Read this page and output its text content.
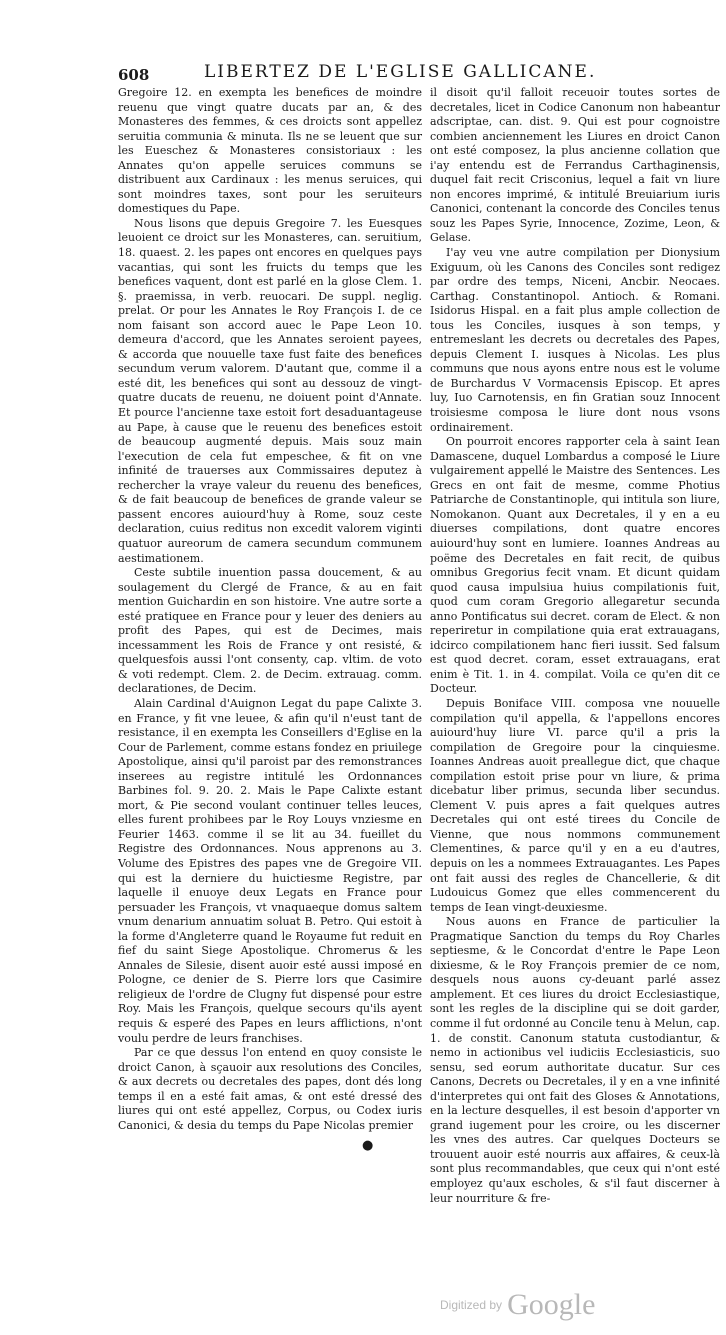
608	LIBERTEZ DE L'EGLISE GALLICANE.

Gregoire 12. en exempta les benefices de moindre reuenu que vingt quatre ducats par an, & des Monasteres des femmes, & ces droicts sont appellez seruitia communia & minuta. Ils ne se leuent que sur les Eueschez & Monasteres consistoriaux : les Annates qu'on appelle seruices communs se distribuent aux Cardinaux : les menus seruices, qui sont moindres taxes, sont pour les seruiteurs domestiques du Pape.

Nous lisons que depuis Gregoire 7. les Euesques leuoient ce droict sur les Monasteres, can. seruitium, 18. quaest. 2. les papes ont encores en quelques pays vacantias, qui sont les fruicts du temps que les benefices vaquent, dont est parlé en la glose Clem. 1. §. praemissa, in verb. reuocari. De suppl. neglig. prelat. Or pour les Annates le Roy François I. de ce nom faisant son accord auec le Pape Leon 10. demeura d'accord, que les Annates seroient payees, & accorda que nouuelle taxe fust faite des benefices secundum verum valorem. D'autant que, comme il a esté dit, les benefices qui sont au dessouz de vingt-quatre ducats de reuenu, ne doiuent point d'Annate. Et pource l'ancienne taxe estoit fort desaduantageuse au Pape, à cause que le reuenu des benefices estoit de beaucoup augmenté depuis. Mais souz main l'execution de cela fut empeschee, & fit on vne infinité de trauerses aux Commissaires deputez à rechercher la vraye valeur du reuenu des benefices, & de fait beaucoup de benefices de grande valeur se passent encores auiourd'huy à Rome, souz ceste declaration, cuius reditus non excedit valorem viginti quatuor aureorum de camera secundum communem aestimationem.

Ceste subtile inuention passa doucement, & au soulagement du Clergé de France, & au en fait mention Guichardin en son histoire. Vne autre sorte a esté pratiquee en France pour y leuer des deniers au profit des Papes, qui est de Decimes, mais incessamment les Rois de France y ont resisté, & quelquesfois aussi l'ont consenty, cap. vltim. de voto & voti redempt. Clem. 2. de Decim. extrauag. comm. declarationes, de Decim.

Alain Cardinal d'Auignon Legat du pape Calixte 3. en France, y fit vne leuee, & afin qu'il n'eust tant de resistance, il en exempta les Conseillers d'Eglise en la Cour de Parlement, comme estans fondez en priuilege Apostolique, ainsi qu'il paroist par des remonstrances inserees au registre intitulé les Ordonnances Barbines fol. 9. 20. 2. Mais le Pape Calixte estant mort, & Pie second voulant continuer telles leuces, elles furent prohibees par le Roy Louys vnziesme en Feurier 1463. comme il se lit au 34. fueillet du Registre des Ordonnances. Nous apprenons au 3. Volume des Epistres des papes vne de Gregoire VII. qui est la derniere du huictiesme Registre, par laquelle il enuoye deux Legats en France pour persuader les François, vt vnaquaeque domus saltem vnum denarium annuatim soluat B. Petro. Qui estoit à la forme d'Angleterre quand le Royaume fut reduit en fief du saint Siege Apostolique. Chromerus & les Annales de Silesie, disent auoir esté aussi imposé en Pologne, ce denier de S. Pierre lors que Casimire religieux de l'ordre de Clugny fut dispensé pour estre Roy. Mais les François, quelque secours qu'ils ayent requis & esperé des Papes en leurs afflictions, n'ont voulu perdre de leurs franchises.

Par ce que dessus l'on entend en quoy consiste le droict Canon, à sçauoir aux resolutions des Conciles, & aux decrets ou decretales des papes, dont dés long temps il en a esté fait amas, & ont esté dressé des liures qui ont esté appellez, Corpus, ou Codex iuris Canonici, & desia du temps du Pape Nicolas premier

il disoit qu'il falloit receuoir toutes sortes de decretales, licet in Codice Canonum non habeantur adscriptae, can. dist. 9. Qui est pour cognoistre combien anciennement les Liures en droict Canon ont esté composez, la plus ancienne collation que i'ay entendu est de Ferrandus Carthaginensis, duquel fait recit Crisconius, lequel a fait vn liure non encores imprimé, & intitulé Breuiarium iuris Canonici, contenant la concorde des Conciles tenus souz les Papes Syrie, Innocence, Zozime, Leon, & Gelase.

I'ay veu vne autre compilation per Dionysium Exiguum, où les Canons des Conciles sont redigez par ordre des temps, Niceni, Ancbir. Neocaes. Carthag. Constantinopol. Antioch. & Romani. Isidorus Hispal. en a fait plus ample collection de tous les Conciles, iusques à son temps, y entremeslant les decrets ou decretales des Papes, depuis Clement I. iusques à Nicolas. Les plus communs que nous ayons entre nous est le volume de Burchardus V Vormacensis Episcop. Et apres luy, Iuo Carnotensis, en fin Gratian souz Innocent troisiesme composa le liure dont nous vsons ordinairement.

On pourroit encores rapporter cela à saint Iean Damascene, duquel Lombardus a composé le Liure vulgairement appellé le Maistre des Sentences. Les Grecs en ont fait de mesme, comme Photius Patriarche de Constantinople, qui intitula son liure, Nomokanon. Quant aux Decretales, il y en a eu diuerses compilations, dont quatre encores auiourd'huy sont en lumiere. Ioannes Andreas au poëme des Decretales en fait recit, de quibus omnibus Gregorius fecit vnam. Et dicunt quidam quod causa impulsiua huius compilationis fuit, quod cum coram Gregorio allegaretur secunda anno Pontificatus sui decret. coram de Elect. & non reperiretur in compilatione quia erat extrauagans, idcirco compilationem hanc fieri iussit. Sed falsum est quod decret. coram, esset extrauagans, erat enim è Tit. 1. in 4. compilat. Voila ce qu'en dit ce Docteur.

Depuis Boniface VIII. composa vne nouuelle compilation qu'il appella, & l'appellons encores auiourd'huy liure VI. parce qu'il a pris la compilation de Gregoire pour la cinquiesme. Ioannes Andreas auoit preallegue dict, que chaque compilation estoit prise pour vn liure, & prima dicebatur liber primus, secunda liber secundus. Clement V. puis apres a fait quelques autres Decretales qui ont esté tirees du Concile de Vienne, que nous nommons communement Clementines, & parce qu'il y en a eu d'autres, depuis on les a nommees Extrauagantes. Les Papes ont fait aussi des regles de Chancellerie, & dit Ludouicus Gomez que elles commencerent du temps de Iean vingt-deuxiesme.

Nous auons en France de particulier la Pragmatique Sanction du temps du Roy Charles septiesme, & le Concordat d'entre le Pape Leon dixiesme, & le Roy François premier de ce nom, desquels nous auons cy-deuant parlé assez amplement. Et ces liures du droict Ecclesiastique, sont les regles de la discipline qui se doit garder, comme il fut ordonné au Concile tenu à Melun, cap. 1. de constit. Canonum statuta custodiantur, & nemo in actionibus vel iudiciis Ecclesiasticis, suo sensu, sed eorum authoritate ducatur. Sur ces Canons, Decrets ou Decretales, il y en a vne infinité d'interpretes qui ont fait des Gloses & Annotations, en la lecture desquelles, il est besoin d'apporter vn grand iugement pour les croire, ou les discerner les vnes des autres. Car quelques Docteurs se trouuent auoir esté nourris aux affaires, & ceux-là sont plus recommandables, que ceux qui n'ont esté employez qu'aux escholes, & s'il faut discerner à leur nourriture & fre-

●
Digitized by Google
